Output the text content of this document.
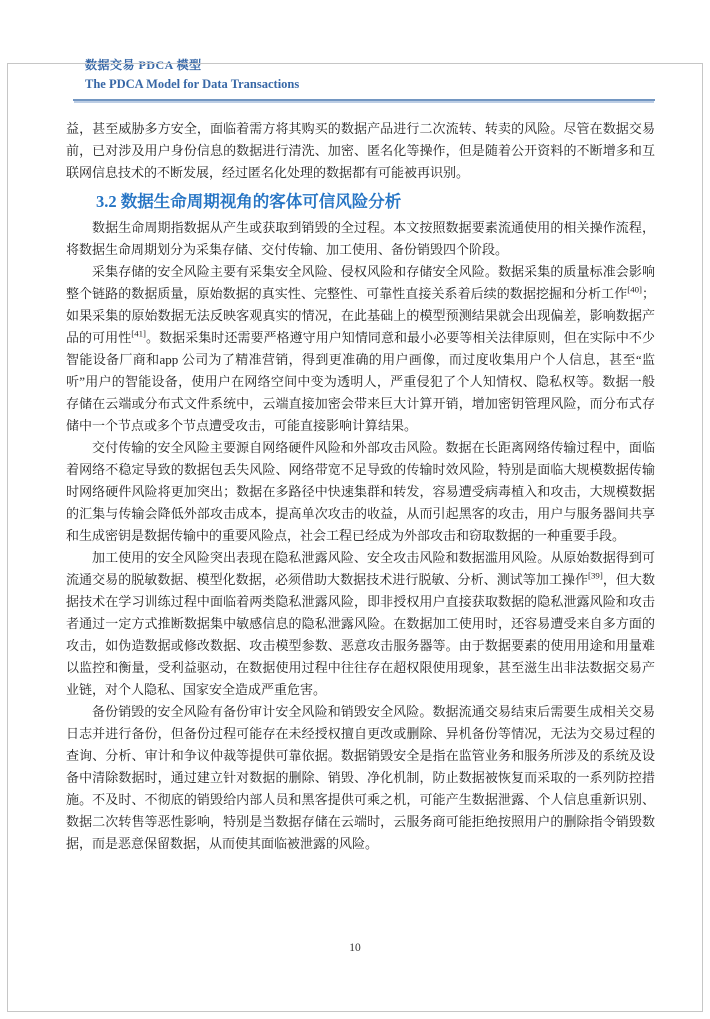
数据交易 PDCA 模型
The PDCA Model for Data Transactions

益，甚至威胁多方安全，面临着需方将其购买的数据产品进行二次流转、转卖的风险。尽管在数据交易前，已对涉及用户身份信息的数据进行清洗、加密、匿名化等操作，但是随着公开资料的不断增多和互联网信息技术的不断发展，经过匿名化处理的数据都有可能被再识别。

3.2 数据生命周期视角的客体可信风险分析

数据生命周期指数据从产生或获取到销毁的全过程。本文按照数据要素流通使用的相关操作流程，将数据生命周期划分为采集存储、交付传输、加工使用、备份销毁四个阶段。

采集存储的安全风险主要有采集安全风险、侵权风险和存储安全风险。数据采集的质量标准会影响整个链路的数据质量，原始数据的真实性、完整性、可靠性直接关系着后续的数据挖掘和分析工作[40]；如果采集的原始数据无法反映客观真实的情况，在此基础上的模型预测结果就会出现偏差，影响数据产品的可用性[41]。数据采集时还需要严格遵守用户知情同意和最小必要等相关法律原则，但在实际中不少智能设备厂商和app 公司为了精准营销，得到更准确的用户画像，而过度收集用户个人信息，甚至“监听”用户的智能设备，使用户在网络空间中变为透明人，严重侵犯了个人知情权、隐私权等。数据一般存储在云端或分布式文件系统中，云端直接加密会带来巨大计算开销，增加密钥管理风险，而分布式存储中一个节点或多个节点遭受攻击，可能直接影响计算结果。

交付传输的安全风险主要源自网络硬件风险和外部攻击风险。数据在长距离网络传输过程中，面临着网络不稳定导致的数据包丢失风险、网络带宽不足导致的传输时效风险，特别是面临大规模数据传输时网络硬件风险将更加突出；数据在多路径中快速集群和转发，容易遭受病毒植入和攻击，大规模数据的汇集与传输会降低外部攻击成本，提高单次攻击的收益，从而引起黑客的攻击，用户与服务器间共享和生成密钥是数据传输中的重要风险点，社会工程已经成为外部攻击和窃取数据的一种重要手段。

加工使用的安全风险突出表现在隐私泄露风险、安全攻击风险和数据滥用风险。从原始数据得到可流通交易的脱敏数据、模型化数据，必须借助大数据技术进行脱敏、分析、测试等加工操作[39]，但大数据技术在学习训练过程中面临着两类隐私泄露风险，即非授权用户直接获取数据的隐私泄露风险和攻击者通过一定方式推断数据集中敏感信息的隐私泄露风险。在数据加工使用时，还容易遭受来自多方面的攻击，如伪造数据或修改数据、攻击模型参数、恶意攻击服务器等。由于数据要素的使用用途和用量难以监控和衡量，受利益驱动，在数据使用过程中往往存在超权限使用现象，甚至滋生出非法数据交易产业链，对个人隐私、国家安全造成严重危害。

备份销毁的安全风险有备份审计安全风险和销毁安全风险。数据流通交易结束后需要生成相关交易日志并进行备份，但备份过程可能存在未经授权擅自更改或删除、异机备份等情况，无法为交易过程的查询、分析、审计和争议仲裁等提供可靠依据。数据销毁安全是指在监管业务和服务所涉及的系统及设备中清除数据时，通过建立针对数据的删除、销毁、净化机制，防止数据被恢复而采取的一系列防控措施。不及时、不彻底的销毁给内部人员和黑客提供可乘之机，可能产生数据泄露、个人信息重新识别、数据二次转售等恶性影响，特别是当数据存储在云端时，云服务商可能拒绝按照用户的删除指令销毁数据，而是恶意保留数据，从而使其面临被泄露的风险。

10
